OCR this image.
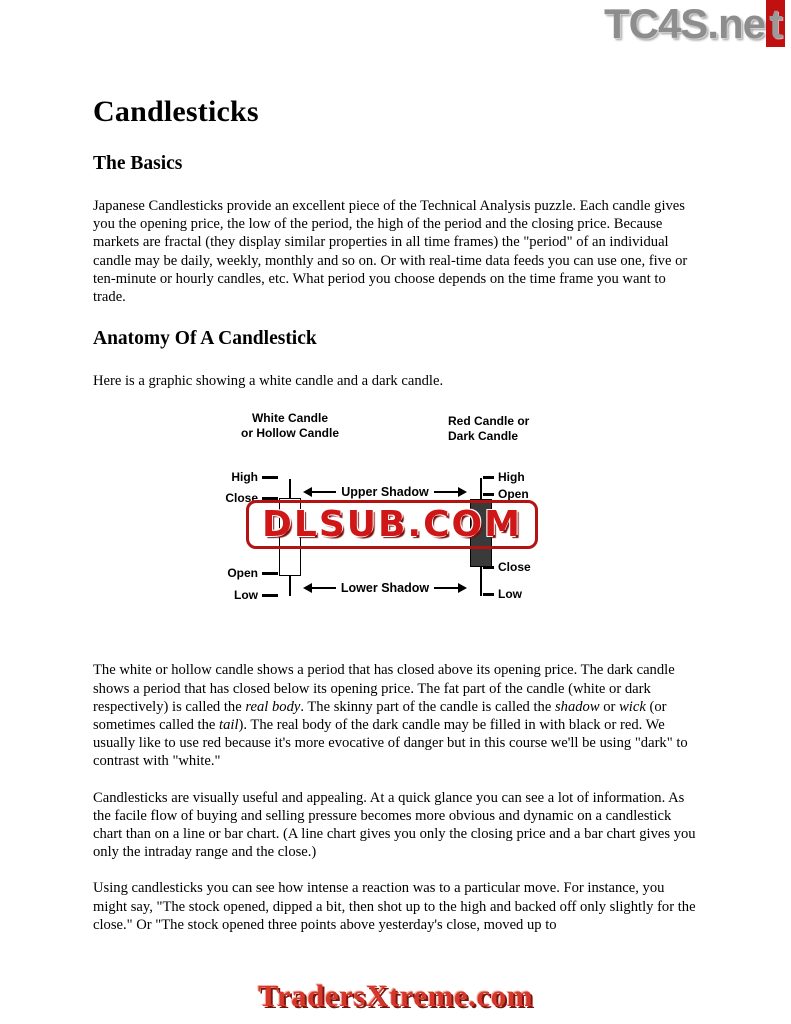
TC4S.net
Candlesticks
The Basics

Japanese Candlesticks provide an excellent piece of the Technical Analysis puzzle. Each candle gives you the opening price, the low of the period, the high of the period and the closing price. Because markets are fractal (they display similar properties in all time frames) the "period" of an individual candle may be daily, weekly, monthly and so on. Or with real-time data feeds you can use one, five or ten-minute or hourly candles, etc. What period you choose depends on the time frame you want to trade.

Anatomy Of A Candlestick

Here is a graphic showing a white candle and a dark candle.

White Candle
or Hollow Candle
Red Candle or
Dark Candle
High
Close
Open
Low
High
Open
Close
Low
Upper Shadow
Lower Shadow
DLSUB.COM

The white or hollow candle shows a period that has closed above its opening price. The dark candle shows a period that has closed below its opening price. The fat part of the candle (white or dark respectively) is called the real body. The skinny part of the candle is called the shadow or wick (or sometimes called the tail). The real body of the dark candle may be filled in with black or red. We usually like to use red because it's more evocative of danger but in this course we'll be using "dark" to contrast with "white."

Candlesticks are visually useful and appealing. At a quick glance you can see a lot of information. As the facile flow of buying and selling pressure becomes more obvious and dynamic on a candlestick chart than on a line or bar chart. (A line chart gives you only the closing price and a bar chart gives you only the intraday range and the close.)

Using candlesticks you can see how intense a reaction was to a particular move. For instance, you might say, "The stock opened, dipped a bit, then shot up to the high and backed off only slightly for the close." Or "The stock opened three points above yesterday's close, moved up to

TradersXtreme.com
